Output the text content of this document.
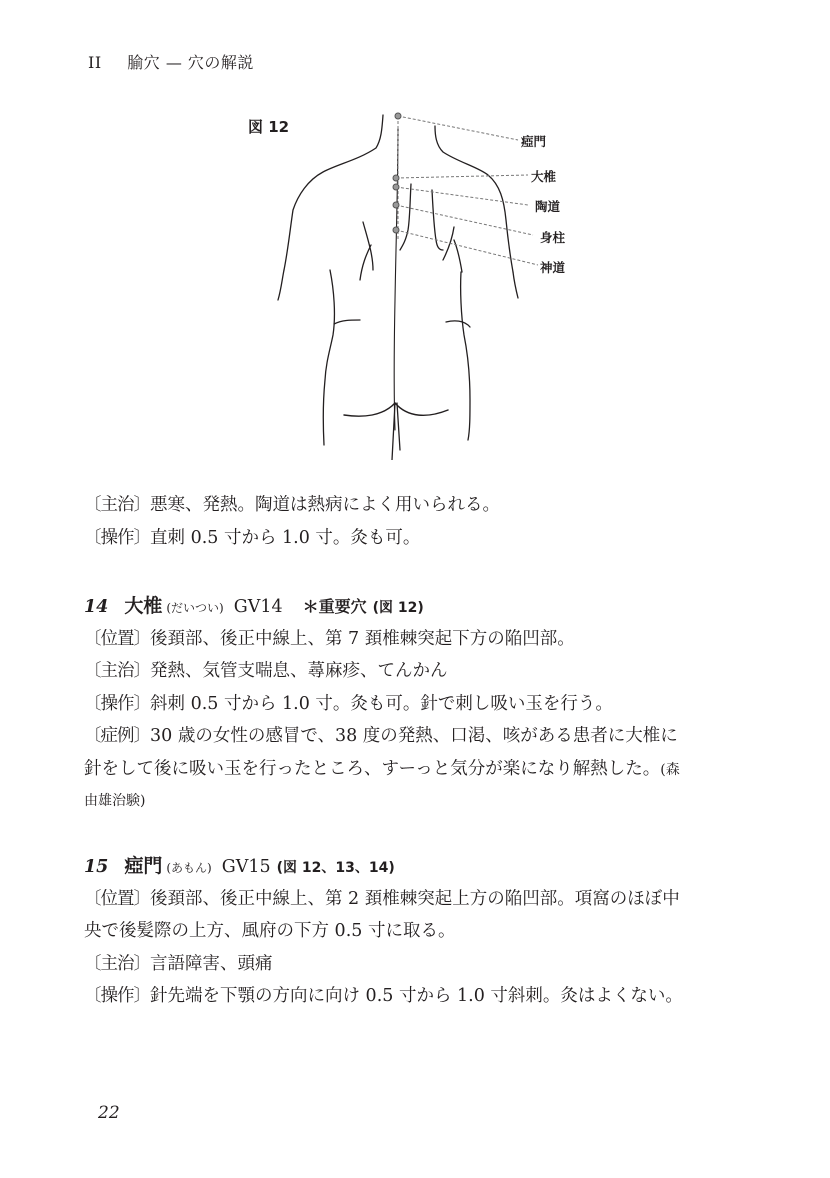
II 腧穴 — 穴の解説
図 12
瘂門
大椎
陶道
身柱
神道
〔主治〕悪寒、発熱。陶道は熱病によく用いられる。
〔操作〕直刺 0.5 寸から 1.0 寸。灸も可。
14 大椎 (だいつい) GV14 ＊重要穴 (図 12)
〔位置〕後頚部、後正中線上、第 7 頚椎棘突起下方の陥凹部。
〔主治〕発熱、気管支喘息、蕁麻疹、てんかん
〔操作〕斜刺 0.5 寸から 1.0 寸。灸も可。針で刺し吸い玉を行う。
〔症例〕30 歳の女性の感冒で、38 度の発熱、口渇、咳がある患者に大椎に
針をして後に吸い玉を行ったところ、すーっと気分が楽になり解熱した。(森
由雄治験)
15 瘂門 (あもん) GV15 (図 12、13、14)
〔位置〕後頚部、後正中線上、第 2 頚椎棘突起上方の陥凹部。項窩のほぼ中
央で後髪際の上方、風府の下方 0.5 寸に取る。
〔主治〕言語障害、頭痛
〔操作〕針先端を下顎の方向に向け 0.5 寸から 1.0 寸斜刺。灸はよくない。
22
